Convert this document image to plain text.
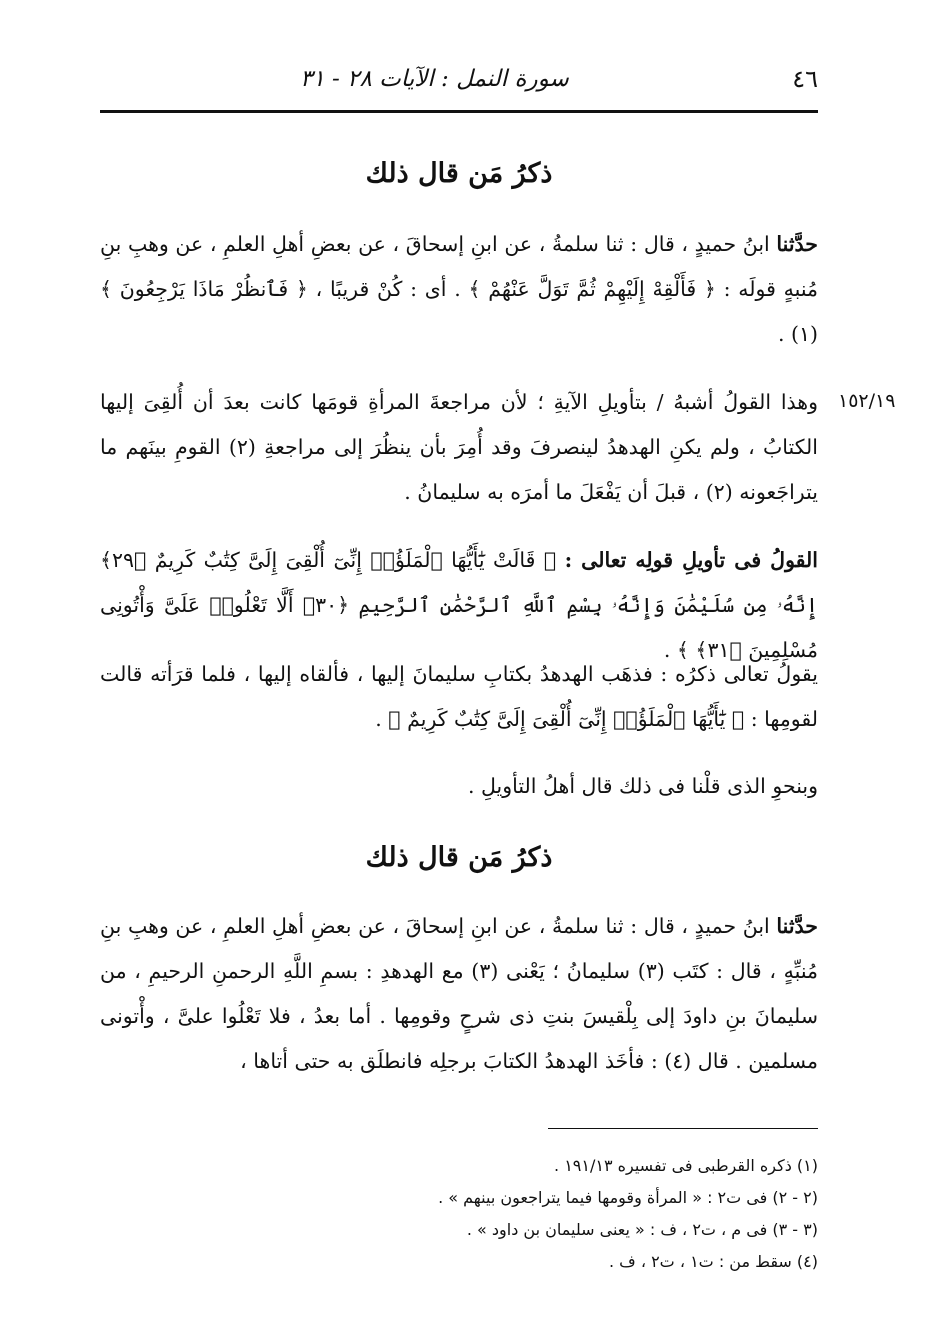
٤٦
سورة النمل : الآيات ٢٨ - ٣١
ذكرُ مَن قال ذلك
حدَّثنا ابنُ حميدٍ ، قال : ثنا سلمةُ ، عن ابنِ إسحاقَ ، عن بعضِ أهلِ العلمِ ، عن وهبِ بنِ مُنبهٍ قولَه : ﴿ فَأَلْقِهْ إِلَيْهِمْ ثُمَّ تَوَلَّ عَنْهُمْ ﴾ . أى : كُنْ قريبًا ، ﴿ فَٱنظُرْ مَاذَا يَرْجِعُونَ ﴾ (١) .
وهذا القولُ أشبهُ / بتأويلِ الآيةِ ؛ لأن مراجعةَ المرأةِ قومَها كانت بعدَ أن أُلقِىَ إليها الكتابُ ، ولم يكنِ الهدهدُ لينصرفَ وقد أُمِرَ بأن ينظُرَ إلى مراجعةِ (٢) القومِ بينَهم ما يتراجَعونه (٢) ، قبلَ أن يَفْعَلَ ما أمرَه به سليمانُ .
القولُ فى تأويلِ قولِه تعالى : ﴿ قَالَتْ يَٰٓأَيُّهَا ٱلْمَلَؤُا۟ إِنِّىٓ أُلْقِىَ إِلَىَّ كِتَٰبٌ كَرِيمٌ ﴿٢٩﴾ إِنَّهُۥ مِن سُلَيْمَٰنَ وَإِنَّهُۥ بِسْمِ ٱللَّهِ ٱلرَّحْمَٰنِ ٱلرَّحِيمِ ﴿٣٠﴾ أَلَّا تَعْلُوا۟ عَلَىَّ وَأْتُونِى مُسْلِمِينَ ﴿٣١﴾ ﴾ .
يقولُ تعالى ذكرُه : فذهَب الهدهدُ بكتابِ سليمانَ إليها ، فألقاه إليها ، فلما قرَأته قالت لقومِها : ﴿ يَٰٓأَيُّهَا ٱلْمَلَؤُا۟ إِنِّىٓ أُلْقِىَ إِلَىَّ كِتَٰبٌ كَرِيمٌ ﴾ .
وبنحوِ الذى قلْنا فى ذلك قال أهلُ التأويلِ .
ذكرُ مَن قال ذلك
حدَّثنا ابنُ حميدٍ ، قال : ثنا سلمةُ ، عن ابنِ إسحاقَ ، عن بعضِ أهلِ العلمِ ، عن وهبِ بنِ مُنبِّهٍ ، قال : كتَب (٣) سليمانُ ؛ يَعْنى (٣) مع الهدهدِ : بسمِ اللَّهِ الرحمنِ الرحيمِ ، من سليمانَ بنِ داودَ إلى بِلْقيسَ بنتِ ذى شرحٍ وقومِها . أما بعدُ ، فلا تَعْلُوا علىَّ ، وأْتونى مسلمين . قال (٤) : فأخَذ الهدهدُ الكتابَ برجلِه فانطلَق به حتى أتاها ،
١٥٢/١٩
(١) ذكره القرطبى فى تفسيره ١٩١/١٣ .
(٢ - ٢) فى ت٢ : « المرأة وقومها فيما يتراجعون بينهم » .
(٣ - ٣) فى م ، ت٢ ، ف : « يعنى سليمان بن داود » .
(٤) سقط من : ت١ ، ت٢ ، ف .
